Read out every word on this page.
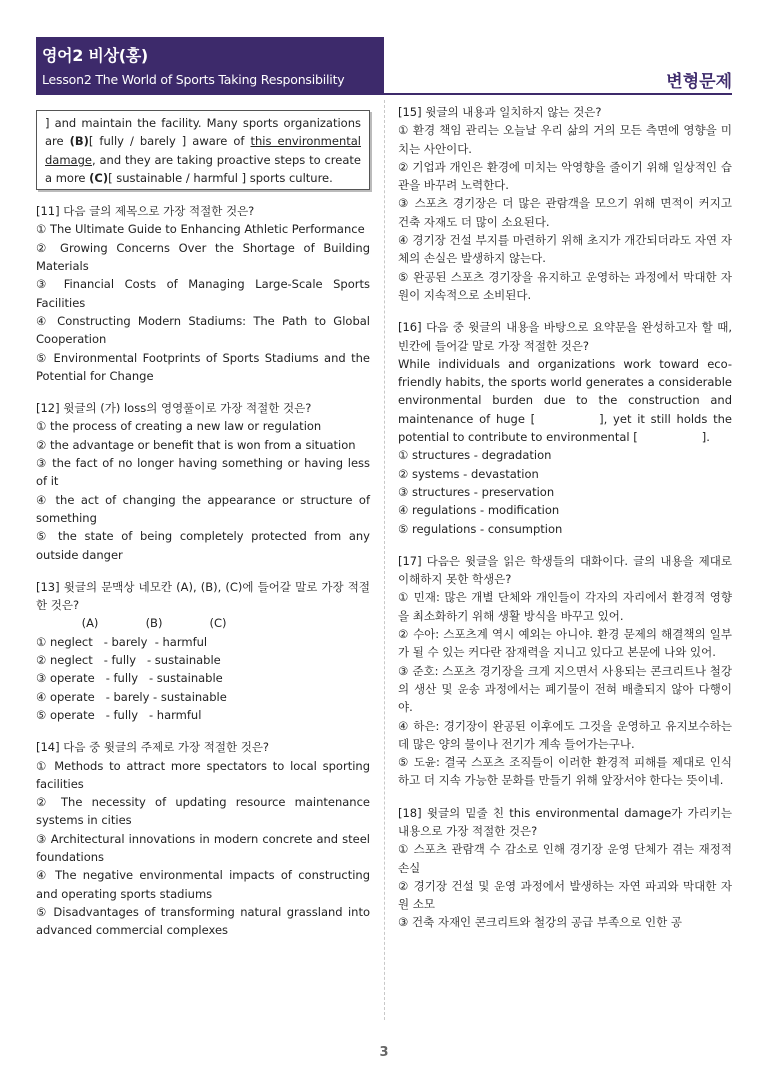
영어2 비상(홍)
Lesson2 The World of Sports Taking Responsibility	변형문제

] and maintain the facility. Many sports organizations are (B)[ fully / barely ] aware of this environmental damage, and they are taking proactive steps to create a more (C)[ sustainable / harmful ] sports culture.

[11] 다음 글의 제목으로 가장 적절한 것은?

① The Ultimate Guide to Enhancing Athletic Performance

② Growing Concerns Over the Shortage of Building Materials

③ Financial Costs of Managing Large-Scale Sports Facilities

④ Constructing Modern Stadiums: The Path to Global Cooperation

⑤ Environmental Footprints of Sports Stadiums and the Potential for Change

[12] 윗글의 (가) loss의 영영풀이로 가장 적절한 것은?

① the process of creating a new law or regulation

② the advantage or benefit that is won from a situation

③ the fact of no longer having something or having less of it

④ the act of changing the appearance or structure of something

⑤ the state of being completely protected from any outside danger

[13] 윗글의 문맥상 네모칸 (A), (B), (C)에 들어갈 말로 가장 적절한 것은?

(A)	(B)	(C)

① neglect   - barely  - harmful

② neglect   - fully   - sustainable

③ operate   - fully   - sustainable

④ operate   - barely - sustainable

⑤ operate   - fully   - harmful

[14] 다음 중 윗글의 주제로 가장 적절한 것은?

① Methods to attract more spectators to local sporting facilities

② The necessity of updating resource maintenance systems in cities

③ Architectural innovations in modern concrete and steel foundations

④ The negative environmental impacts of constructing and operating sports stadiums

⑤ Disadvantages of transforming natural grassland into advanced commercial complexes

[15] 윗글의 내용과 일치하지 않는 것은?

① 환경 책임 관리는 오늘날 우리 삶의 거의 모든 측면에 영향을 미치는 사안이다.

② 기업과 개인은 환경에 미치는 악영향을 줄이기 위해 일상적인 습관을 바꾸려 노력한다.

③ 스포츠 경기장은 더 많은 관람객을 모으기 위해 면적이 커지고 건축 자재도 더 많이 소요된다.

④ 경기장 건설 부지를 마련하기 위해 초지가 개간되더라도 자연 자체의 손실은 발생하지 않는다.

⑤ 완공된 스포츠 경기장을 유지하고 운영하는 과정에서 막대한 자원이 지속적으로 소비된다.

[16] 다음 중 윗글의 내용을 바탕으로 요약문을 완성하고자 할 때, 빈칸에 들어갈 말로 가장 적절한 것은?

While individuals and organizations work toward eco-friendly habits, the sports world generates a considerable environmental burden due to the construction and maintenance of huge [	], yet it still holds the potential to contribute to environmental [	].

① structures - degradation

② systems - devastation

③ structures - preservation

④ regulations - modification

⑤ regulations - consumption

[17] 다음은 윗글을 읽은 학생들의 대화이다. 글의 내용을 제대로 이해하지 못한 학생은?

① 민재: 많은 개별 단체와 개인들이 각자의 자리에서 환경적 영향을 최소화하기 위해 생활 방식을 바꾸고 있어.

② 수아: 스포츠계 역시 예외는 아니야. 환경 문제의 해결책의 일부가 될 수 있는 커다란 잠재력을 지니고 있다고 본문에 나와 있어.

③ 준호: 스포츠 경기장을 크게 지으면서 사용되는 콘크리트나 철강의 생산 및 운송 과정에서는 폐기물이 전혀 배출되지 않아 다행이야.

④ 하은: 경기장이 완공된 이후에도 그것을 운영하고 유지보수하는 데 많은 양의 물이나 전기가 계속 들어가는구나.

⑤ 도윤: 결국 스포츠 조직들이 이러한 환경적 피해를 제대로 인식하고 더 지속 가능한 문화를 만들기 위해 앞장서야 한다는 뜻이네.

[18] 윗글의 밑줄 친 this environmental damage가 가리키는 내용으로 가장 적절한 것은?

① 스포츠 관람객 수 감소로 인해 경기장 운영 단체가 겪는 재정적 손실

② 경기장 건설 및 운영 과정에서 발생하는 자연 파괴와 막대한 자원 소모

③ 건축 자재인 콘크리트와 철강의 공급 부족으로 인한 공

3
